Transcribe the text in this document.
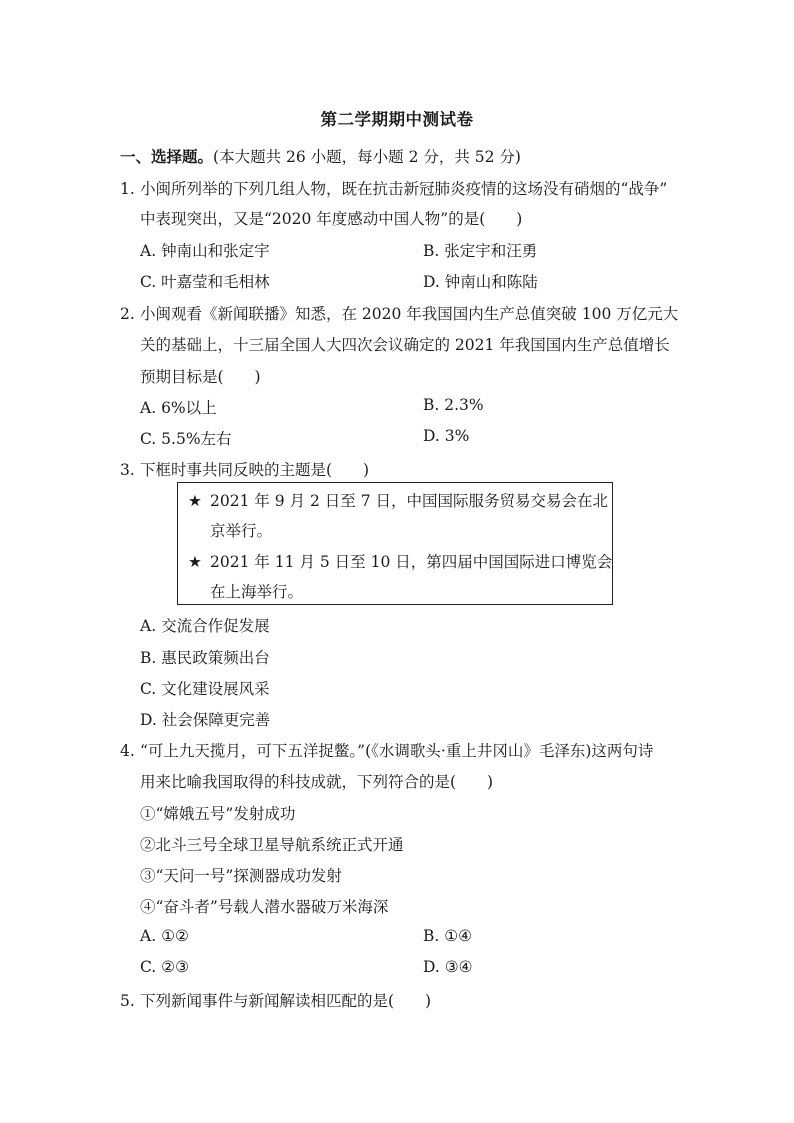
第二学期期中测试卷
一、选择题。(本大题共 26 小题，每小题 2 分，共 52 分)
1. 小闽所列举的下列几组人物，既在抗击新冠肺炎疫情的这场没有硝烟的“战争”
中表现突出，又是“2020 年度感动中国人物”的是(　　)
A. 钟南山和张定宇	B. 张定宇和汪勇
C. 叶嘉莹和毛相林	D. 钟南山和陈陆
2. 小闽观看《新闻联播》知悉，在 2020 年我国国内生产总值突破 100 万亿元大
关的基础上，十三届全国人大四次会议确定的 2021 年我国国内生产总值增长
预期目标是(　　)
A. 6%以上	B. 2.3%
C. 5.5%左右	D. 3%
3. 下框时事共同反映的主题是(　　)
★ 2021 年 9 月 2 日至 7 日，中国国际服务贸易交易会在北
京举行。
★ 2021 年 11 月 5 日至 10 日，第四届中国国际进口博览会
在上海举行。
A. 交流合作促发展
B. 惠民政策频出台
C. 文化建设展风采
D. 社会保障更完善
4. “可上九天揽月，可下五洋捉鳖。”(《水调歌头·重上井冈山》毛泽东)这两句诗
用来比喻我国取得的科技成就，下列符合的是(　　)
①“嫦娥五号”发射成功
②北斗三号全球卫星导航系统正式开通
③“天问一号”探测器成功发射
④“奋斗者”号载人潜水器破万米海深
A. ①②	B. ①④
C. ②③	D. ③④
5. 下列新闻事件与新闻解读相匹配的是(　　)
